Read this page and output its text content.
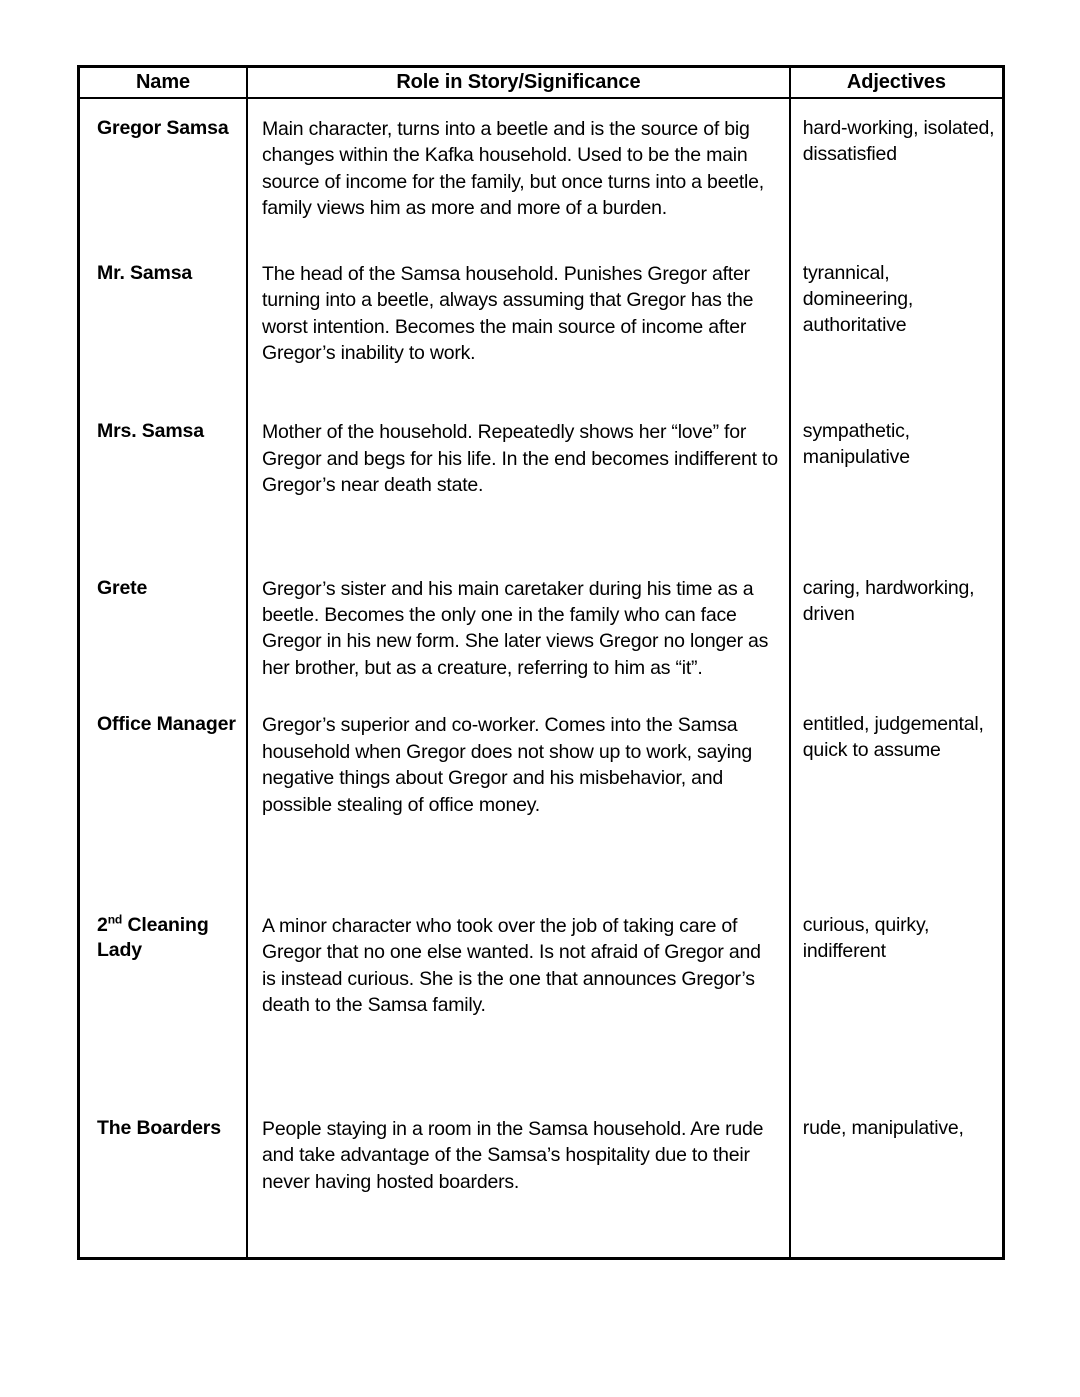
Name	Role in Story/Significance	Adjectives

Gregor Samsa	Main character, turns into a beetle and is the source of big changes within the Kafka household. Used to be the main source of income for the family, but once turns into a beetle, family views him as more and more of a burden.	hard-working, isolated, dissatisfied

Mr. Samsa	The head of the Samsa household. Punishes Gregor after turning into a beetle, always assuming that Gregor has the worst intention. Becomes the main source of income after Gregor’s inability to work.	tyrannical, domineering, authoritative

Mrs. Samsa	Mother of the household. Repeatedly shows her “love” for Gregor and begs for his life. In the end becomes indifferent to Gregor’s near death state.	sympathetic, manipulative

Grete	Gregor’s sister and his main caretaker during his time as a beetle. Becomes the only one in the family who can face Gregor in his new form. She later views Gregor no longer as her brother, but as a creature, referring to him as “it”.	caring, hardworking, driven

Office Manager	Gregor’s superior and co-worker. Comes into the Samsa household when Gregor does not show up to work, saying negative things about Gregor and his misbehavior, and possible stealing of office money.	entitled, judgemental, quick to assume

2nd Cleaning Lady	A minor character who took over the job of taking care of Gregor that no one else wanted. Is not afraid of Gregor and is instead curious. She is the one that announces Gregor’s death to the Samsa family.	curious, quirky, indifferent

The Boarders	People staying in a room in the Samsa household. Are rude and take advantage of the Samsa’s hospitality due to their never having hosted boarders.	rude, manipulative,
